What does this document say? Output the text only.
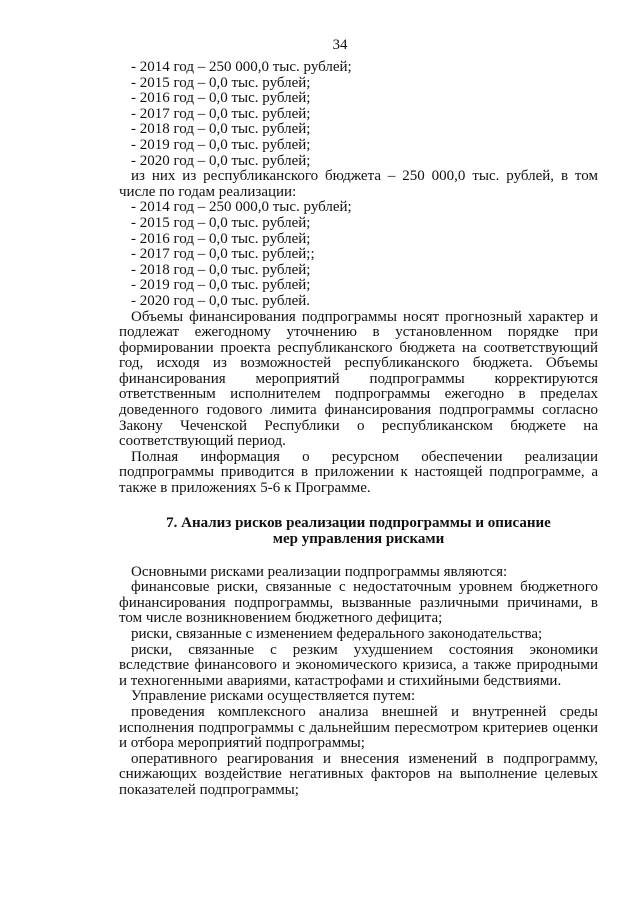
34
- 2014 год – 250 000,0 тыс. рублей;
- 2015 год – 0,0 тыс. рублей;
- 2016 год – 0,0 тыс. рублей;
- 2017 год – 0,0 тыс. рублей;
- 2018 год – 0,0 тыс. рублей;
- 2019 год – 0,0 тыс. рублей;
- 2020 год – 0,0 тыс. рублей;

из них из республиканского бюджета – 250 000,0 тыс. рублей, в том числе по годам реализации:

- 2014 год – 250 000,0 тыс. рублей;
- 2015 год – 0,0 тыс. рублей;
- 2016 год – 0,0 тыс. рублей;
- 2017 год – 0,0 тыс. рублей;;
- 2018 год – 0,0 тыс. рублей;
- 2019 год – 0,0 тыс. рублей;
- 2020 год – 0,0 тыс. рублей.

Объемы финансирования подпрограммы носят прогнозный характер и подлежат ежегодному уточнению в установленном порядке при формировании проекта республиканского бюджета на соответствующий год, исходя из возможностей республиканского бюджета. Объемы финансирования мероприятий подпрограммы корректируются ответственным исполнителем подпрограммы ежегодно в пределах доведенного годового лимита финансирования подпрограммы согласно Закону Чеченской Республики о республиканском бюджете на соответствующий период.

Полная информация о ресурсном обеспечении реализации подпрограммы приводится в приложении к настоящей подпрограмме, а также в приложениях 5-6 к Программе.

7. Анализ рисков реализации подпрограммы и описание

мер управления рисками

Основными рисками реализации подпрограммы являются:

финансовые риски, связанные с недостаточным уровнем бюджетного финансирования подпрограммы, вызванные различными причинами, в том числе возникновением бюджетного дефицита;

риски, связанные с изменением федерального законодательства;

риски, связанные с резким ухудшением состояния экономики вследствие финансового и экономического кризиса, а также природными и техногенными авариями, катастрофами и стихийными бедствиями.

Управление рисками осуществляется путем:

проведения комплексного анализа внешней и внутренней среды исполнения подпрограммы с дальнейшим пересмотром критериев оценки и отбора мероприятий подпрограммы;

оперативного реагирования и внесения изменений в подпрограмму, снижающих воздействие негативных факторов на выполнение целевых показателей подпрограммы;
